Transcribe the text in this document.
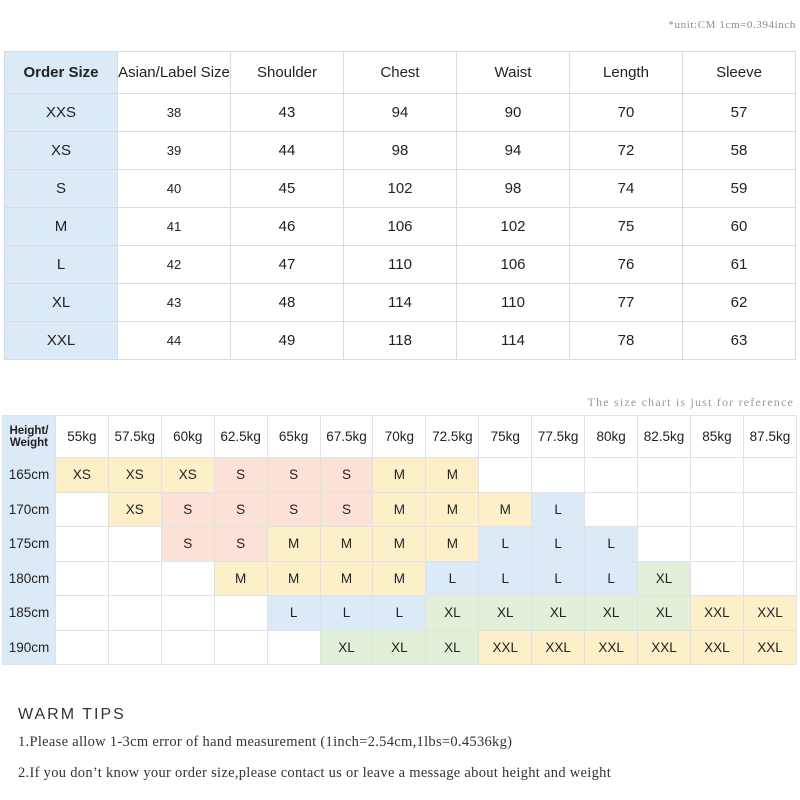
*unit:CM 1cm=0.394inch
Order Size	Asian/Label Size	Shoulder	Chest	Waist	Length	Sleeve
XXS	38	43	94	90	70	57
XS	39	44	98	94	72	58
S	40	45	102	98	74	59
M	41	46	106	102	75	60
L	42	47	110	106	76	61
XL	43	48	114	110	77	62
XXL	44	49	118	114	78	63
The size chart is just for reference
Height/ Weight	55kg	57.5kg	60kg	62.5kg	65kg	67.5kg	70kg	72.5kg	75kg	77.5kg	80kg	82.5kg	85kg	87.5kg
165cm	XS	XS	XS	S	S	S	M	M						
170cm		XS	S	S	S	S	M	M	M	L				
175cm			S	S	M	M	M	M	L	L	L			
180cm				M	M	M	M	L	L	L	L	XL		
185cm					L	L	L	XL	XL	XL	XL	XL	XXL	XXL
190cm						XL	XL	XL	XXL	XXL	XXL	XXL	XXL	XXL
WARM TIPS
1.Please allow 1-3cm error of hand measurement (1inch=2.54cm,1lbs=0.4536kg)
2.If you don’t know your order size,please contact us or leave a message about height and weight
